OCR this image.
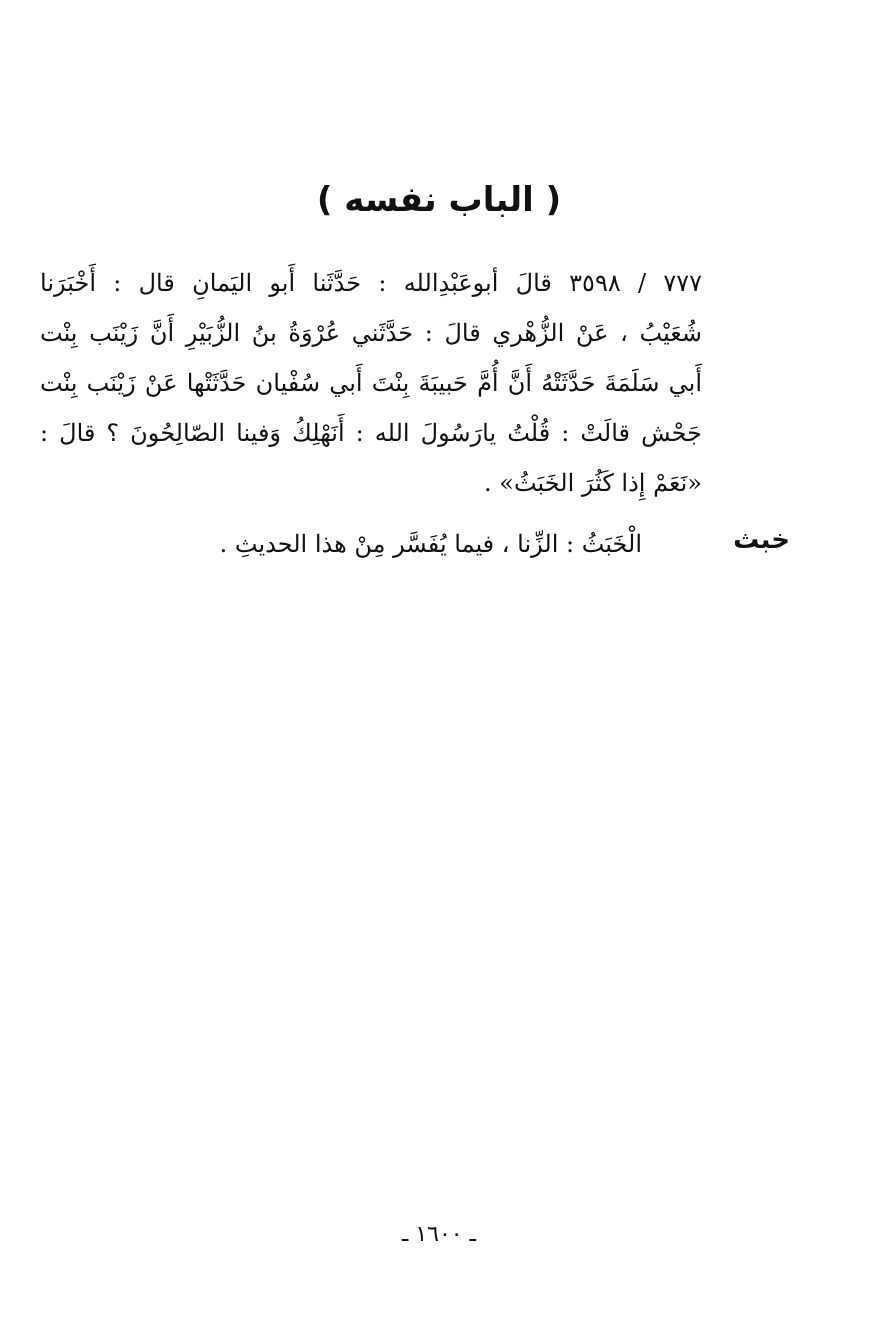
( الباب نفسه )
٧٧٧ / ٣٥٩٨ قالَ أبوعَبْدِالله : حَدَّثَنا أَبو اليَمانِ قال : أَخْبَرَنا
شُعَيْبُ ، عَنْ الزُّهْري قالَ : حَدَّثَني عُرْوَةُ بنُ الزُّبَيْرِ أَنَّ زَيْنَب بِنْت
أَبي سَلَمَةَ حَدَّثَتْهُ أَنَّ أُمَّ حَبيبَةَ بِنْتَ أَبي سُفْيان حَدَّثَتْها عَنْ زَيْنَب بِنْت
جَحْش قالَتْ : قُلْتُ يارَسُولَ الله : أَنَهْلِكُ وَفينا الصّالِحُونَ ؟ قالَ :
«نَعَمْ إِذا كَثُرَ الخَبَثُ» .
خبث
الْخَبَثُ : الزِّنا ، فيما يُفَسَّر مِنْ هذا الحديثِ .
ـ ١٦٠٠ ـ
